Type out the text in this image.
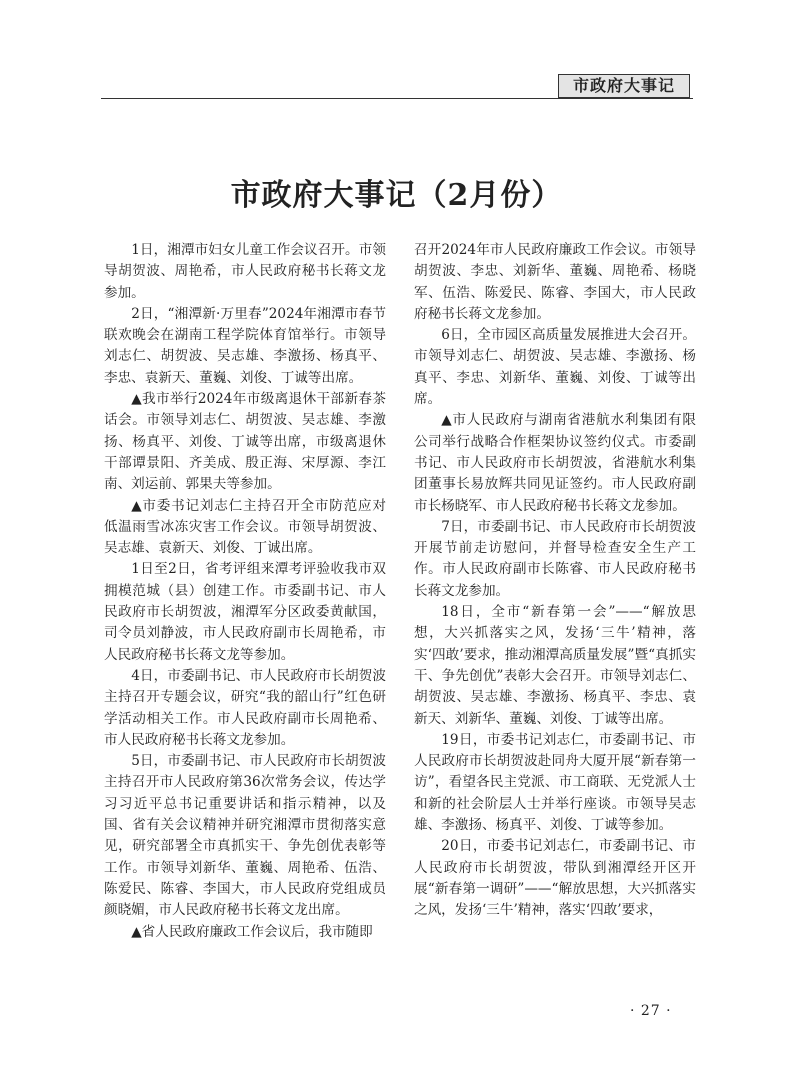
市政府大事记
市政府大事记（2月份）

1日，湘潭市妇女儿童工作会议召开。市领导胡贺波、周艳希，市人民政府秘书长蒋文龙参加。

2日，“湘潭新·万里春”2024年湘潭市春节联欢晚会在湖南工程学院体育馆举行。市领导刘志仁、胡贺波、吴志雄、李激扬、杨真平、李忠、袁新天、董巍、刘俊、丁诚等出席。

▲我市举行2024年市级离退休干部新春茶话会。市领导刘志仁、胡贺波、吴志雄、李激扬、杨真平、刘俊、丁诚等出席，市级离退休干部谭景阳、齐美成、殷正海、宋厚源、李江南、刘运前、郭果夫等参加。

▲市委书记刘志仁主持召开全市防范应对低温雨雪冰冻灾害工作会议。市领导胡贺波、吴志雄、袁新天、刘俊、丁诚出席。

1日至2日，省考评组来潭考评验收我市双拥模范城（县）创建工作。市委副书记、市人民政府市长胡贺波，湘潭军分区政委黄献国，司令员刘静波，市人民政府副市长周艳希，市人民政府秘书长蒋文龙等参加。

4日，市委副书记、市人民政府市长胡贺波主持召开专题会议，研究“我的韶山行”红色研学活动相关工作。市人民政府副市长周艳希、市人民政府秘书长蒋文龙参加。

5日，市委副书记、市人民政府市长胡贺波主持召开市人民政府第36次常务会议，传达学习习近平总书记重要讲话和指示精神，以及国、省有关会议精神并研究湘潭市贯彻落实意见，研究部署全市真抓实干、争先创优表彰等工作。市领导刘新华、董巍、周艳希、伍浩、陈爱民、陈睿、李国大，市人民政府党组成员颜晓媚，市人民政府秘书长蒋文龙出席。

▲省人民政府廉政工作会议后，我市随即

召开2024年市人民政府廉政工作会议。市领导胡贺波、李忠、刘新华、董巍、周艳希、杨晓军、伍浩、陈爱民、陈睿、李国大，市人民政府秘书长蒋文龙参加。

6日，全市园区高质量发展推进大会召开。市领导刘志仁、胡贺波、吴志雄、李激扬、杨真平、李忠、刘新华、董巍、刘俊、丁诚等出席。

▲市人民政府与湖南省港航水利集团有限公司举行战略合作框架协议签约仪式。市委副书记、市人民政府市长胡贺波，省港航水利集团董事长易放辉共同见证签约。市人民政府副市长杨晓军、市人民政府秘书长蒋文龙参加。

7日，市委副书记、市人民政府市长胡贺波开展节前走访慰问，并督导检查安全生产工作。市人民政府副市长陈睿、市人民政府秘书长蒋文龙参加。

18日，全市“新春第一会”——“解放思想，大兴抓落实之风，发扬‘三牛’精神，落实‘四敢’要求，推动湘潭高质量发展”暨“真抓实干、争先创优”表彰大会召开。市领导刘志仁、胡贺波、吴志雄、李激扬、杨真平、李忠、袁新天、刘新华、董巍、刘俊、丁诚等出席。

19日，市委书记刘志仁，市委副书记、市人民政府市长胡贺波赴同舟大厦开展“新春第一访”，看望各民主党派、市工商联、无党派人士和新的社会阶层人士并举行座谈。市领导吴志雄、李激扬、杨真平、刘俊、丁诚等参加。

20日，市委书记刘志仁，市委副书记、市人民政府市长胡贺波，带队到湘潭经开区开展“新春第一调研”——“解放思想，大兴抓落实之风，发扬‘三牛’精神，落实‘四敢’要求，

· 27 ·
